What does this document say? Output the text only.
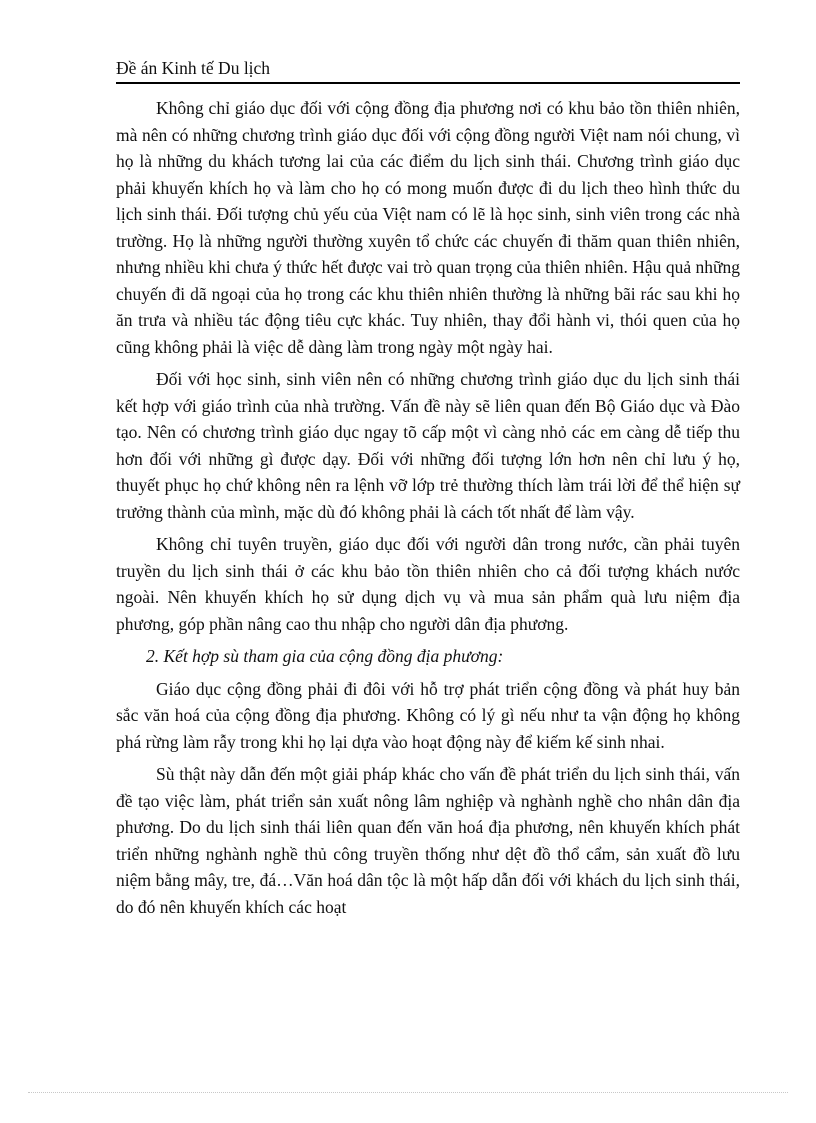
Đề án Kinh tế Du lịch

Không chỉ giáo dục đối với cộng đồng địa phương nơi có khu bảo tồn thiên nhiên, mà nên có những chương trình giáo dục đối với cộng đồng người Việt nam nói chung, vì họ là những du khách tương lai của các điểm du lịch sinh thái. Chương trình giáo dục phải khuyến khích họ và làm cho họ có mong muốn được đi du lịch theo hình thức du lịch sinh thái. Đối tượng chủ yếu của Việt nam có lẽ là học sinh, sinh viên trong các nhà trường. Họ là những người thường xuyên tổ chức các chuyến đi thăm quan thiên nhiên, nhưng nhiều khi chưa ý thức hết được vai trò quan trọng của thiên nhiên. Hậu quả những chuyến đi dã ngoại của họ trong các khu thiên nhiên thường là những bãi rác sau khi họ ăn trưa và nhiều tác động tiêu cực khác. Tuy nhiên, thay đổi hành vi, thói quen của họ cũng không phải là việc dễ dàng làm trong ngày một ngày hai.

Đối với học sinh, sinh viên nên có những chương trình giáo dục du lịch sinh thái kết hợp với giáo trình của nhà trường. Vấn đề này sẽ liên quan đến Bộ Giáo dục và Đào tạo. Nên có chương trình giáo dục ngay tõ cấp một vì càng nhỏ các em càng dễ tiếp thu hơn đối với những gì được dạy. Đối với những đối tượng lớn hơn nên chỉ lưu ý họ, thuyết phục họ chứ không nên ra lệnh vỡ lớp trẻ thường thích làm trái lời để thể hiện sự trưởng thành của mình, mặc dù đó không phải là cách tốt nhất để làm vậy.

Không chỉ tuyên truyền, giáo dục đối với người dân trong nước, cần phải tuyên truyền du lịch sinh thái ở các khu bảo tồn thiên nhiên cho cả đối tượng khách nước ngoài. Nên khuyến khích họ sử dụng dịch vụ và mua sản phẩm quà lưu niệm địa phương, góp phần nâng cao thu nhập cho người dân địa phương.

2. Kết hợp sù tham gia của cộng đồng địa phương:

Giáo dục cộng đồng phải đi đôi với hỗ trợ phát triển cộng đồng và phát huy bản sắc văn hoá của cộng đồng địa phương. Không có lý gì nếu như ta vận động họ không phá rừng làm rẫy trong khi họ lại dựa vào hoạt động này để kiếm kế sinh nhai.

Sù thật này dẫn đến một giải pháp khác cho vấn đề phát triển du lịch sinh thái, vấn đề tạo việc làm, phát triển sản xuất nông lâm nghiệp và nghành nghề cho nhân dân địa phương. Do du lịch sinh thái liên quan đến văn hoá địa phương, nên khuyến khích phát triển những nghành nghề thủ công truyền thống như dệt đồ thổ cẩm, sản xuất đồ lưu niệm bằng mây, tre, đá…Văn hoá dân tộc là một hấp dẫn đối với khách du lịch sinh thái, do đó nên khuyến khích các hoạt
